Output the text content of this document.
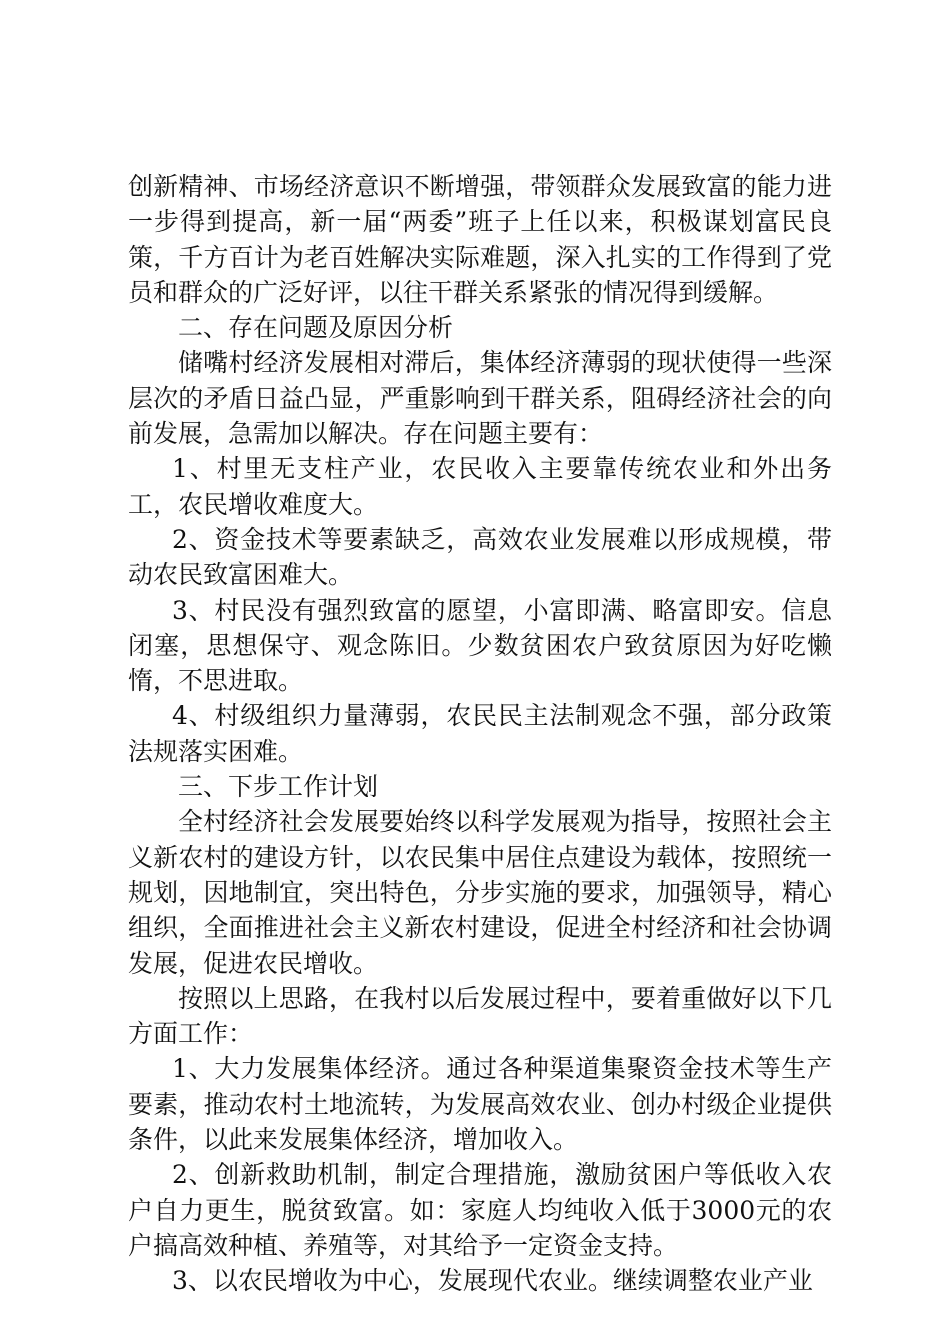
创新精神、市场经济意识不断增强，带领群众发展致富的能力进一步得到提高，新一届“两委”班子上任以来，积极谋划富民良策，千方百计为老百姓解决实际难题，深入扎实的工作得到了党员和群众的广泛好评，以往干群关系紧张的情况得到缓解。

二、存在问题及原因分析

储嘴村经济发展相对滞后，集体经济薄弱的现状使得一些深层次的矛盾日益凸显，严重影响到干群关系，阻碍经济社会的向前发展，急需加以解决。存在问题主要有：

1、村里无支柱产业，农民收入主要靠传统农业和外出务工，农民增收难度大。

2、资金技术等要素缺乏，高效农业发展难以形成规模，带动农民致富困难大。

3、村民没有强烈致富的愿望，小富即满、略富即安。信息闭塞，思想保守、观念陈旧。少数贫困农户致贫原因为好吃懒惰，不思进取。

4、村级组织力量薄弱，农民民主法制观念不强，部分政策法规落实困难。

三、下步工作计划

全村经济社会发展要始终以科学发展观为指导，按照社会主义新农村的建设方针，以农民集中居住点建设为载体，按照统一规划，因地制宜，突出特色，分步实施的要求，加强领导，精心组织，全面推进社会主义新农村建设，促进全村经济和社会协调发展，促进农民增收。

按照以上思路，在我村以后发展过程中，要着重做好以下几方面工作：

1、大力发展集体经济。通过各种渠道集聚资金技术等生产要素，推动农村土地流转，为发展高效农业、创办村级企业提供条件，以此来发展集体经济，增加收入。

2、创新救助机制，制定合理措施，激励贫困户等低收入农户自力更生，脱贫致富。如：家庭人均纯收入低于3000元的农户搞高效种植、养殖等，对其给予一定资金支持。

3、以农民增收为中心，发展现代农业。继续调整农业产业
